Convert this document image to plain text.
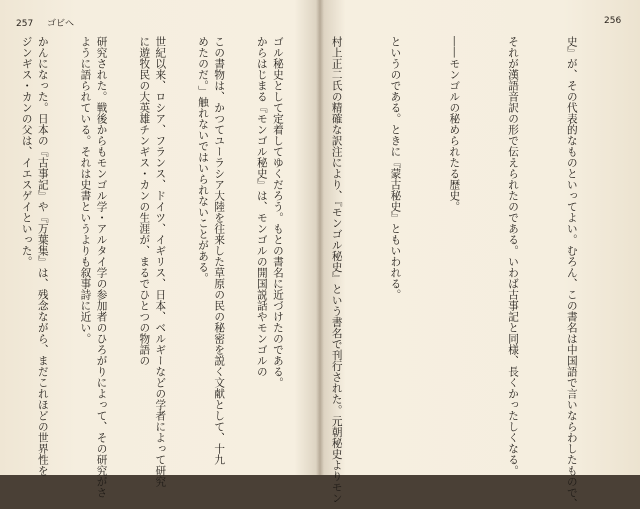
257 ゴビへ	256

史』が、その代表的なものといってよい。むろん、この書名は中国語で言いならわしたもので、

それが漢語音訳の形で伝えられたのである。いわば古事記と同様、長くかったしくなる。

――モンゴルの秘められたる歴史。

というのである。ときに『蒙古秘史』ともいわれる。

村上正二氏の精確な訳注により、『モンゴル秘史』という書名で刊行された。元朝秘史よりモン

ゴル秘史として定着してゆくだろう。もとの書名に近づけたのである。

この書物は、かつてユーラシア大陸を往来した草原の民の秘密を説く文献として、十九

世紀以来、ロシア、フランス、ドイツ、イギリス、日本、ベルギーなどの学者によって研究

研究された。戦後からもモンゴル学・アルタイ学の参加者のひろがりによって、その研究がさ

かんになった。日本の『古事記』や『万葉集』は、残念ながら、まだこれほどの世界性を

	からはじまる『モンゴル秘史』は、モンゴルの開国説話やモンゴルの

めたのだ。」触れないではいられないことがある。

に遊牧民の大英雄チンギス・カンの生涯が、まるでひとつの物語の

ように語られている。それは史書というよりも叙事詩に近い。

ジンギス・カンの父は、イエスゲイといった。
